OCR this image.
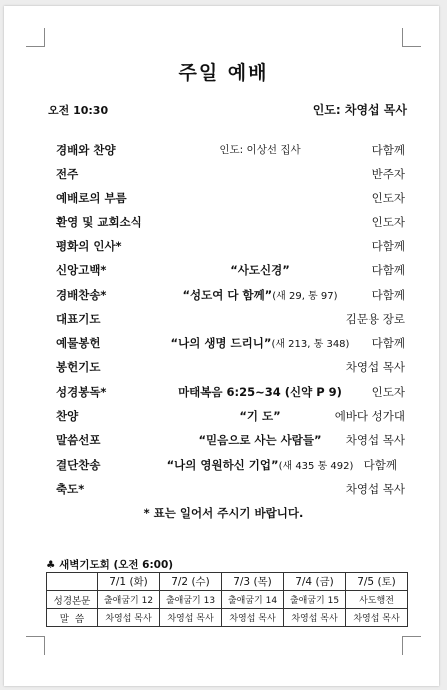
주일 예배
오전 10:30	인도: 차영섭 목사
경배와 찬양	인도: 이상선 집사	다함께
전주	반주자
예배로의 부름	인도자
환영 및 교회소식	인도자
평화의 인사*	다함께
신앙고백*	“사도신경”	다함께
경배찬송*	“성도여 다 함께”(새 29, 통 97)	다함께
대표기도	김문용 장로
예물봉헌	“나의 생명 드리니”(새 213, 통 348)	다함께
봉헌기도	차영섭 목사
성경봉독*	마태복음 6:25~34 (신약 P 9)	인도자
찬양	“기 도”	에바다 성가대
말씀선포	“믿음으로 사는 사람들”	차영섭 목사
결단찬송	“나의 영원하신 기업”(새 435 통 492) 다함께
축도*	차영섭 목사
* 표는 일어서 주시기 바랍니다.
♣ 새벽기도회 (오전 6:00)
	7/1 (화)	7/2 (수)	7/3 (목)	7/4 (금)	7/5 (토)
성경본문	출애굽기 12	출애굽기 13	출애굽기 14	출애굽기 15	사도행전
말  씀	차영섭 목사	차영섭 목사	차영섭 목사	차영섭 목사	차영섭 목사
